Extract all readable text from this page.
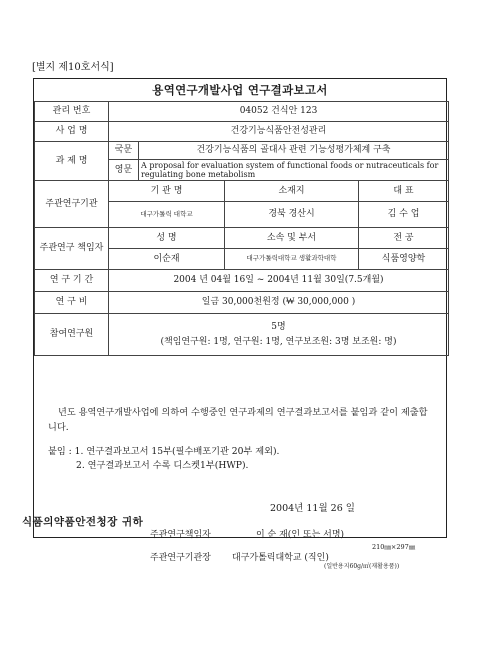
[별지 제10호서식]
용역연구개발사업 연구결과보고서
관리 번호	04052 건식안 123			
사 업 명	건강기능식품안전성관리			
과 제 명	국문	건강기능식품의 골대사 관련 기능성평가체계 구축		
	영문	A proposal for evaluation system of functional foods or nutraceuticals for regulating bone metabolism		
주관연구기관	기 관 명		소재지	대 표
	대구가톨릭 대학교		경북 경산시	김 수 업
주관연구 책임자	성 명		소속 및 부서	전 공
	이순재		대구가톨릭대학교 생활과학대학	식품영양학
연 구 기 간	2004 년 04월 16일 ~ 2004년 11월 30일(7.5개월)			
연 구 비	일금 30,000천원정 (₩ 30,000,000 )			
참여연구원	5명
(책임연구원: 1명, 연구원: 1명, 연구보조원: 3명 보조원: 명)			
년도 용역연구개발사업에 의하여 수행중인 연구과제의 연구결과보고서를 붙임과 같이 제출합니다.
붙임 : 1. 연구결과보고서 15부(필수배포기관 20부 제외).
2. 연구결과보고서 수록 디스켓1부(HWP).
2004년 11월 26 일
주관연구책임자	이 순 재(인 또는 서명)
주관연구기관장 대구가톨릭대학교 (직인)
식품의약품안전청장 귀하
210㎜×297㎜
(일반용지60g/㎡(재활용품))
